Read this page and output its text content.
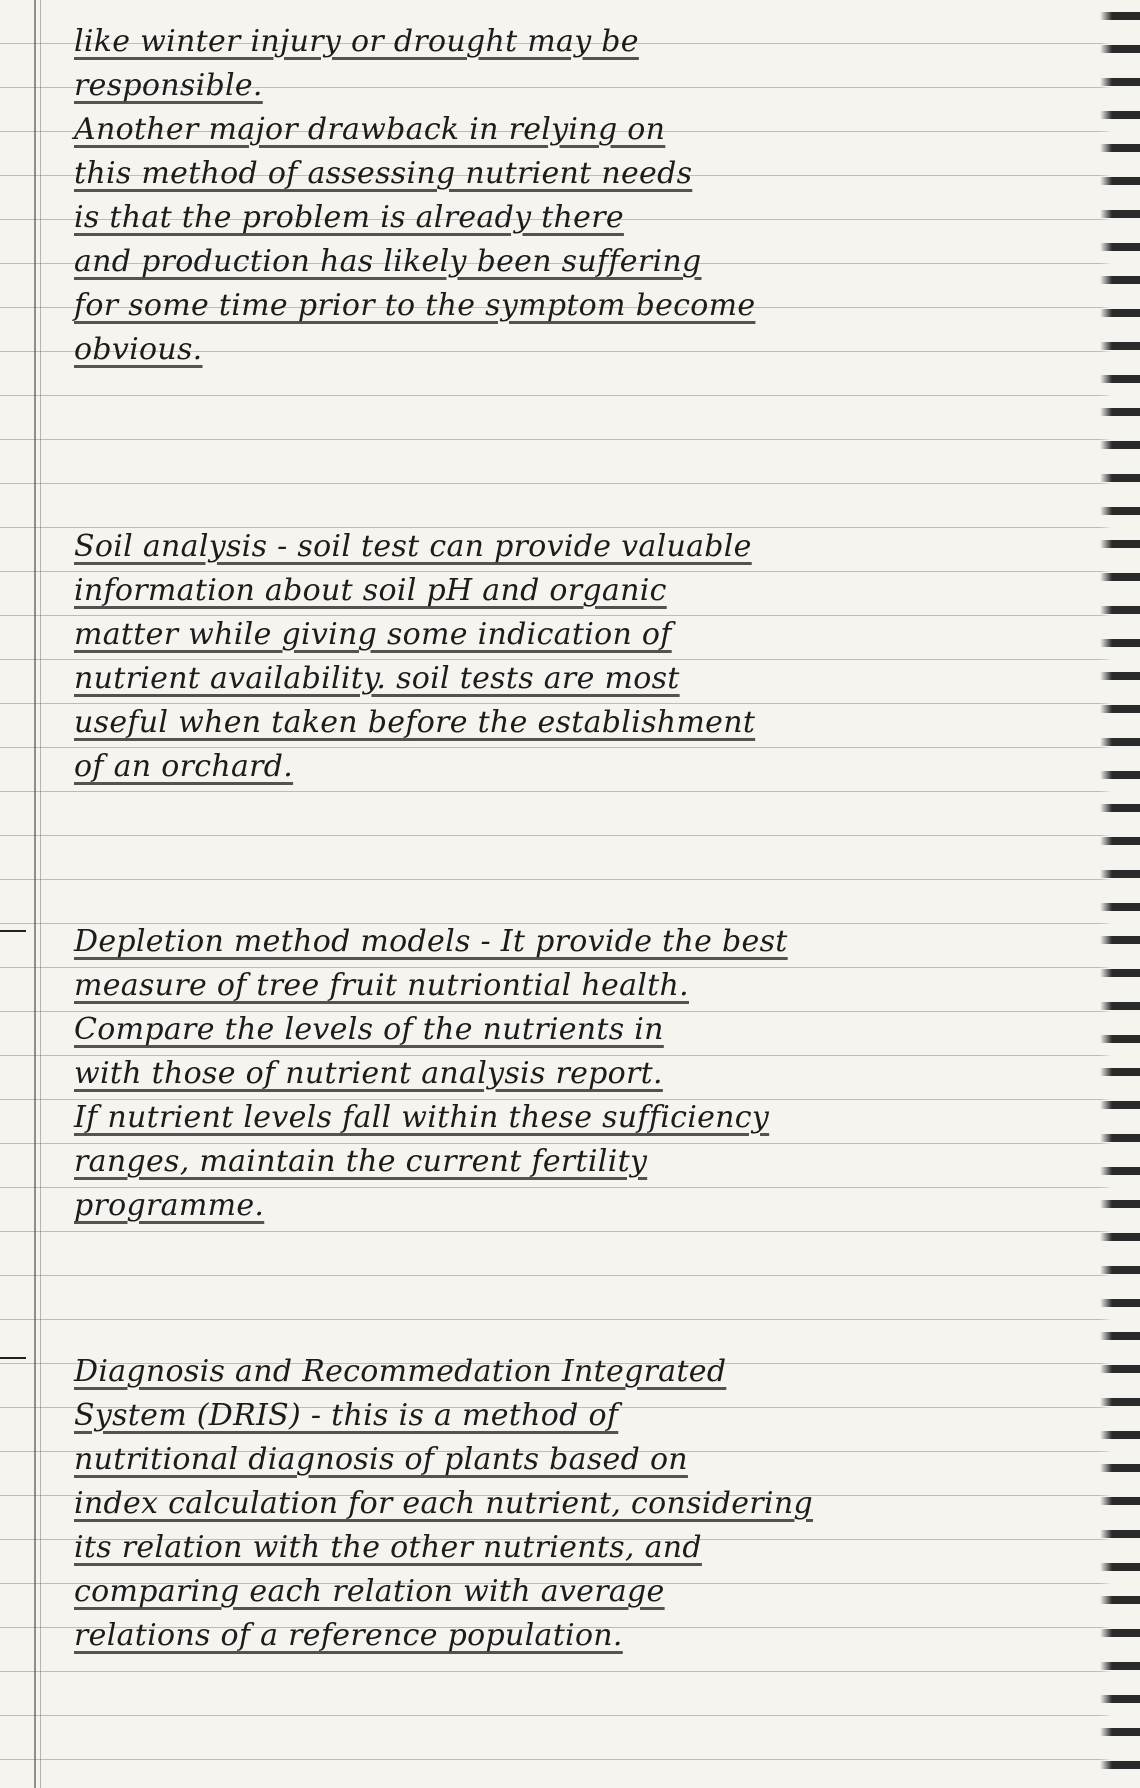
like winter injury or drought may be
responsible.
Another major drawback in relying on
this method of assessing nutrient needs
is that the problem is already there
and production has likely been suffering
for some time prior to the symptom become
obvious.
Soil analysis - soil test can provide valuable
information about soil pH and organic
matter while giving some indication of
nutrient availability. soil tests are most
useful when taken before the establishment
of an orchard.
Depletion method models - It provide the best
measure of tree fruit nutriontial health.
Compare the levels of the nutrients in
with those of nutrient analysis report.
If nutrient levels fall within these sufficiency
ranges, maintain the current fertility
programme.
Diagnosis and Recommedation Integrated
System (DRIS) - this is a method of
nutritional diagnosis of plants based on
index calculation for each nutrient, considering
its relation with the other nutrients, and
comparing each relation with average
relations of a reference population.
